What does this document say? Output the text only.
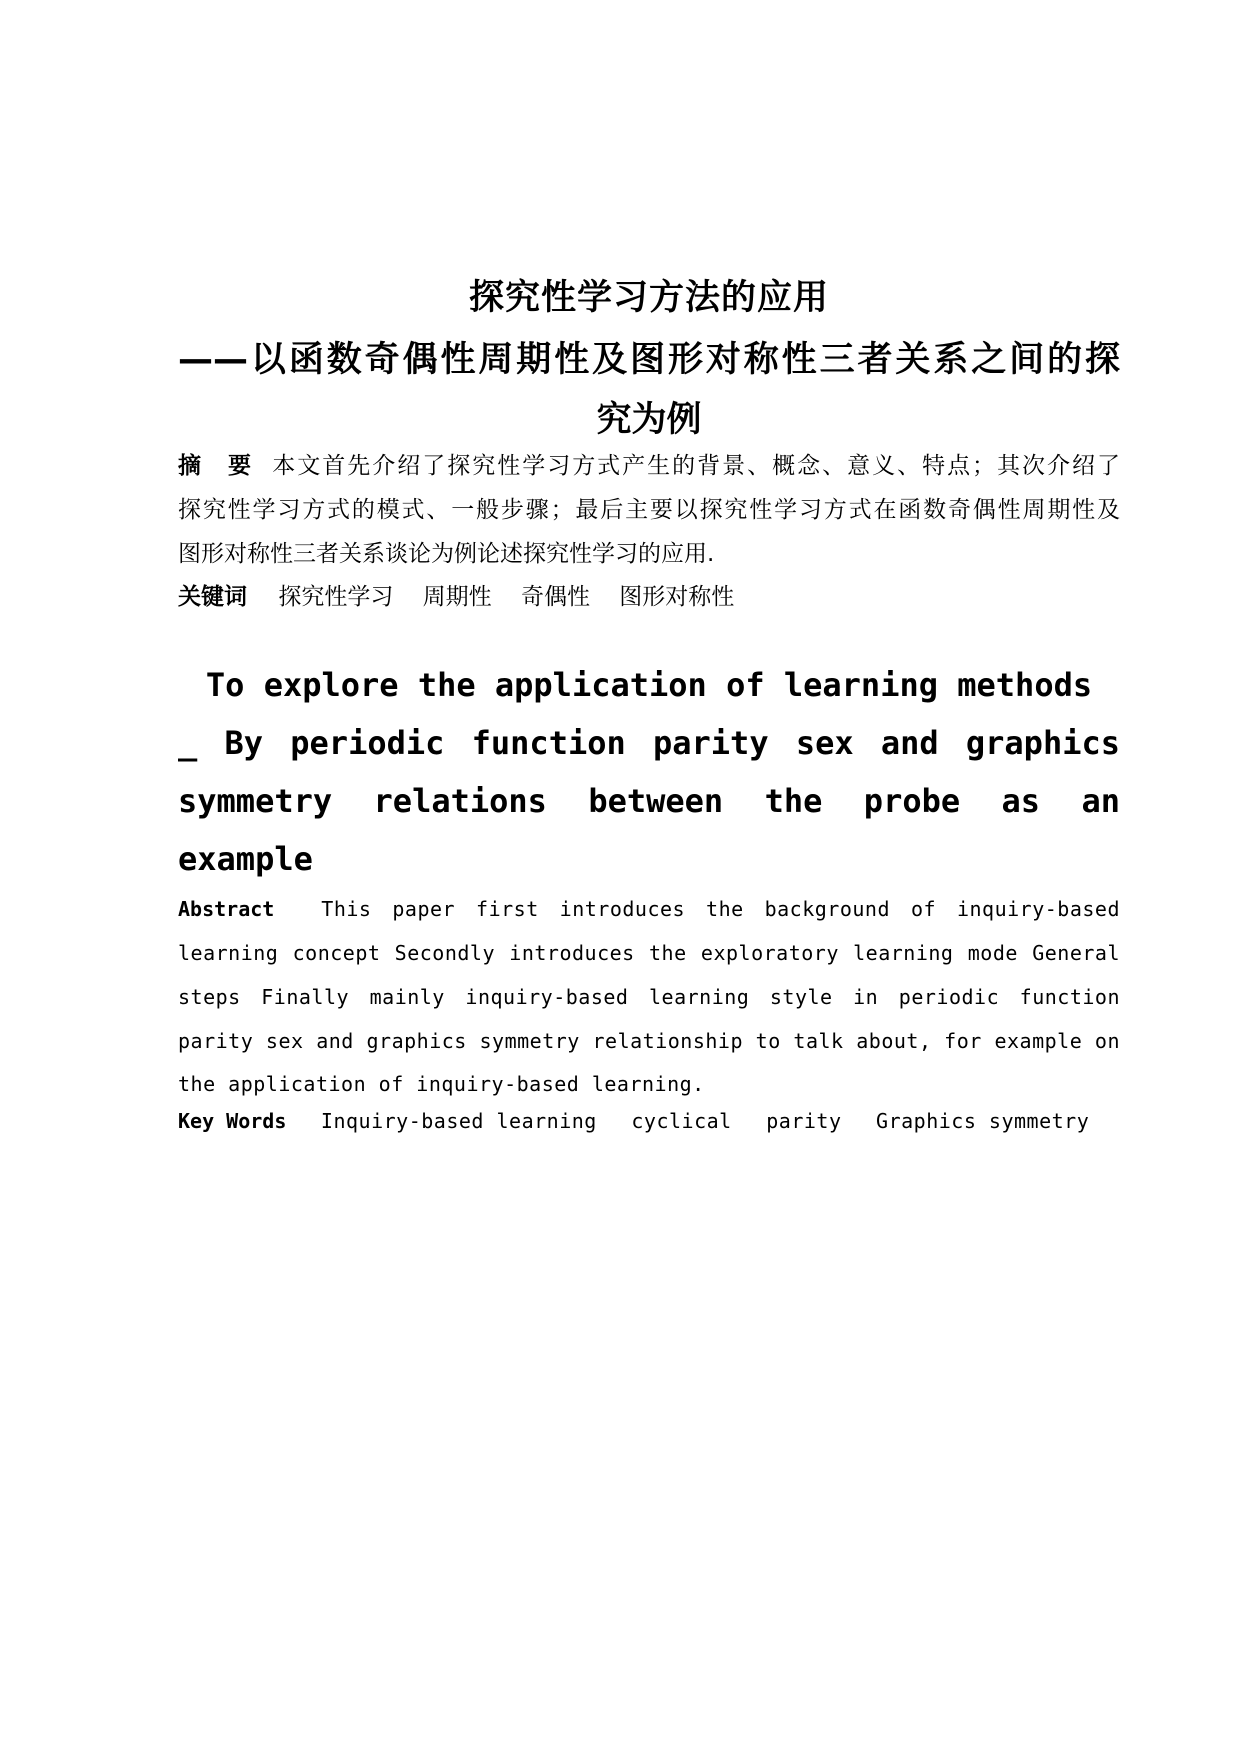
探究性学习方法的应用
——以函数奇偶性周期性及图形对称性三者关系之间的探
究为例
摘　要 本文首先介绍了探究性学习方式产生的背景、概念、意义、特点；其次介绍了
探究性学习方式的模式、一般步骤；最后主要以探究性学习方式在函数奇偶性周期性及
图形对称性三者关系谈论为例论述探究性学习的应用.
关键词 探究性学习 周期性 奇偶性 图形对称性
To explore the application of learning methods
_ By periodic function parity sex and graphics
symmetry relations between the probe as an
example
Abstract This paper first introduces the background of inquiry-based
learning concept Secondly introduces the exploratory learning mode General
steps Finally mainly inquiry-based learning style in periodic function
parity sex and graphics symmetry relationship to talk about, for example on
the application of inquiry-based learning.
Key Words Inquiry-based learning cyclical parity Graphics symmetry
